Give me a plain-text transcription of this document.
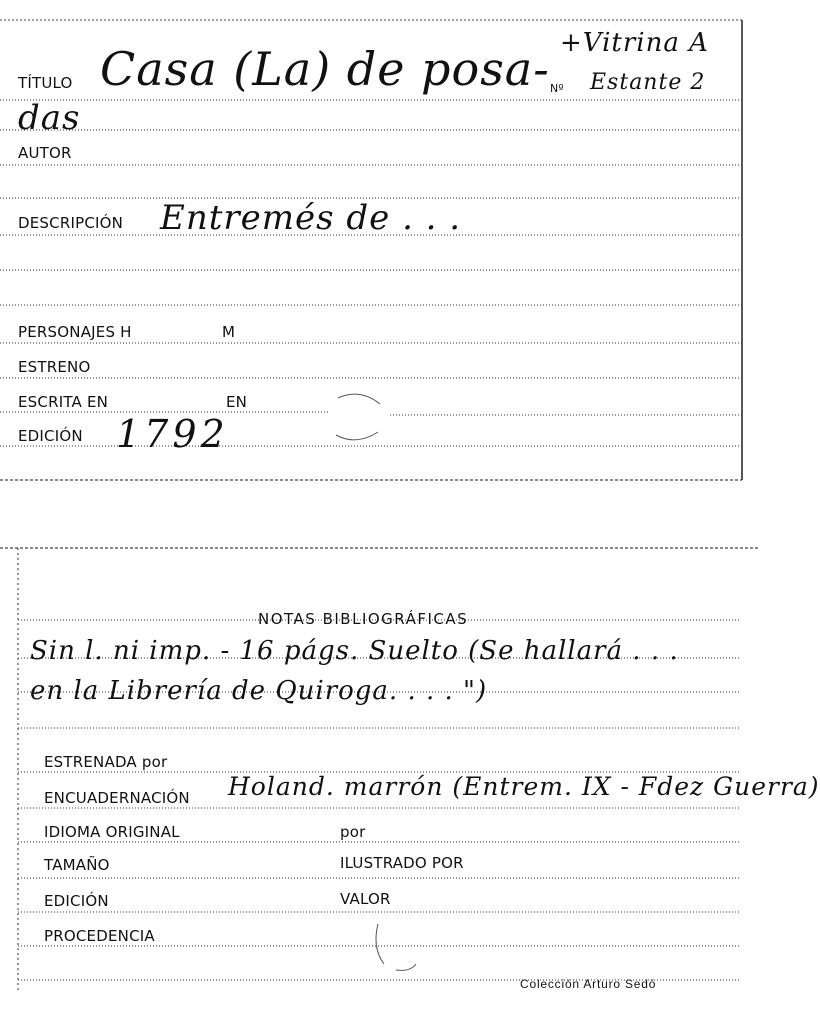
TÍTULO Casa (La) de posa-
das
+Vitrina A
Nº Estante 2
AUTOR
DESCRIPCIÓN Entremés de . . .
PERSONAJES H	M
ESTRENO
ESCRITA EN	EN
EDICIÓN 1792
NOTAS BIBLIOGRÁFICAS
Sin l. ni imp. - 16 págs. Suelto (Se hallará . . .
en la Librería de Quiroga. . . . ")
ESTRENADA por
ENCUADERNACIÓN Holand. marrón (Entrem. IX - Fdez Guerra)
IDIOMA ORIGINAL	por
TAMAÑO	ILUSTRADO POR
EDICIÓN	VALOR
PROCEDENCIA
Colección Arturo Sedó
